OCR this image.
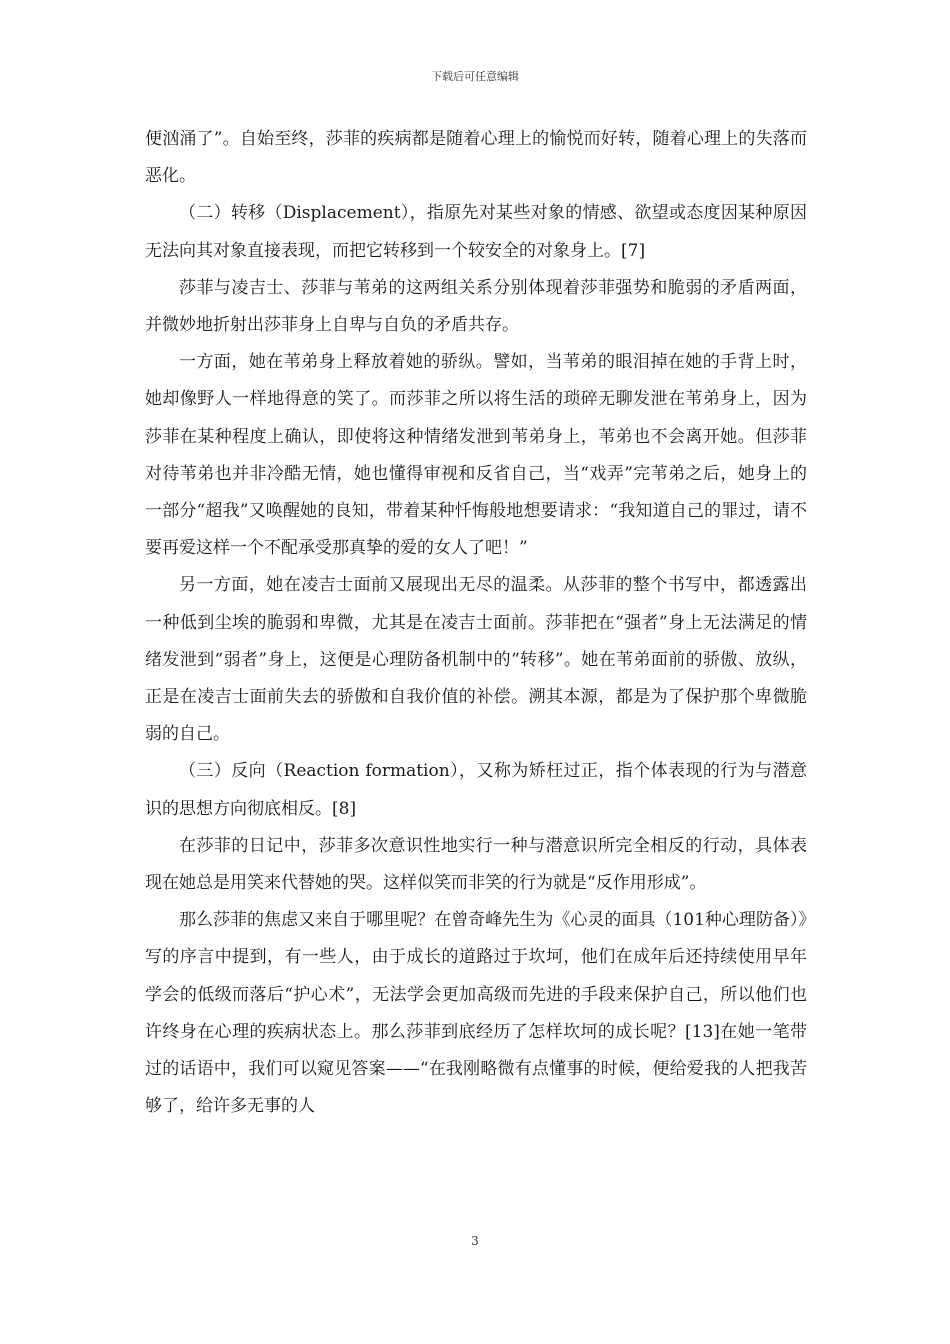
下载后可任意编辑

便汹涌了”。自始至终，莎菲的疾病都是随着心理上的愉悦而好转，随着心理上的失落而恶化。

（二）转移（Displacement），指原先对某些对象的情感、欲望或态度因某种原因无法向其对象直接表现，而把它转移到一个较安全的对象身上。[7]

莎菲与凌吉士、莎菲与苇弟的这两组关系分别体现着莎菲强势和脆弱的矛盾两面，并微妙地折射出莎菲身上自卑与自负的矛盾共存。

一方面，她在苇弟身上释放着她的骄纵。譬如，当苇弟的眼泪掉在她的手背上时，她却像野人一样地得意的笑了。而莎菲之所以将生活的琐碎无聊发泄在苇弟身上，因为莎菲在某种程度上确认，即使将这种情绪发泄到苇弟身上，苇弟也不会离开她。但莎菲对待苇弟也并非冷酷无情，她也懂得审视和反省自己，当“戏弄”完苇弟之后，她身上的一部分“超我”又唤醒她的良知，带着某种忏悔般地想要请求：“我知道自己的罪过，请不要再爱这样一个不配承受那真挚的爱的女人了吧！”

另一方面，她在凌吉士面前又展现出无尽的温柔。从莎菲的整个书写中，都透露出一种低到尘埃的脆弱和卑微，尤其是在凌吉士面前。莎菲把在“强者”身上无法满足的情绪发泄到“弱者”身上，这便是心理防备机制中的“转移”。她在苇弟面前的骄傲、放纵，正是在凌吉士面前失去的骄傲和自我价值的补偿。溯其本源，都是为了保护那个卑微脆弱的自己。

（三）反向（Reaction formation），又称为矫枉过正，指个体表现的行为与潜意识的思想方向彻底相反。[8]

在莎菲的日记中，莎菲多次意识性地实行一种与潜意识所完全相反的行动，具体表现在她总是用笑来代替她的哭。这样似笑而非笑的行为就是“反作用形成”。

那么莎菲的焦虑又来自于哪里呢？在曾奇峰先生为《心灵的面具（101种心理防备）》写的序言中提到，有一些人，由于成长的道路过于坎坷，他们在成年后还持续使用早年学会的低级而落后“护心术”，无法学会更加高级而先进的手段来保护自己，所以他们也许终身在心理的疾病状态上。那么莎菲到底经历了怎样坎坷的成长呢？[13]在她一笔带过的话语中，我们可以窥见答案——“在我刚略微有点懂事的时候，便给爱我的人把我苦够了，给许多无事的人

3
